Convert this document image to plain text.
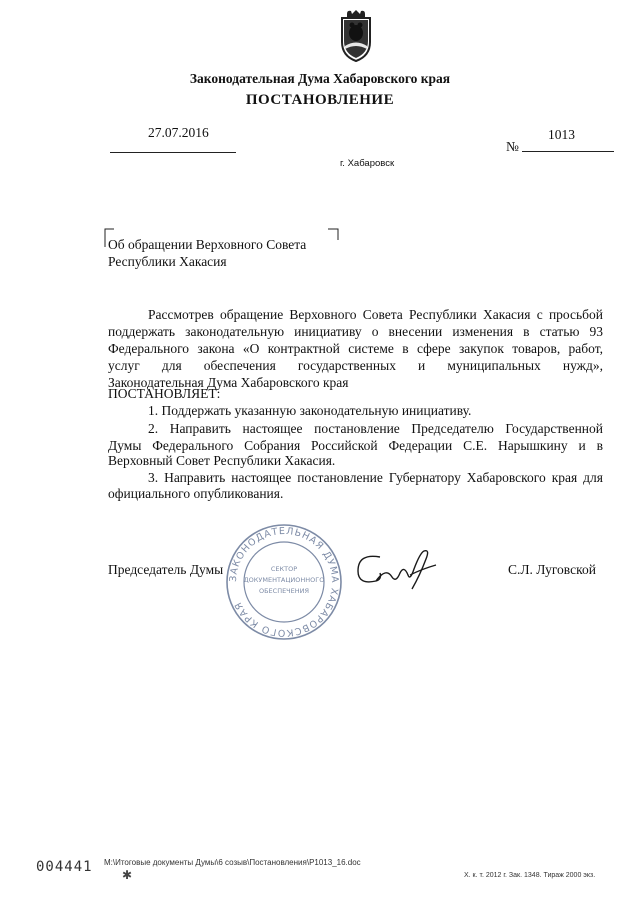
Законодательная Дума Хабаровского края
ПОСТАНОВЛЕНИЕ
27.07.2016	1013
№
г. Хабаровск
Об обращении Верховного Совета
Республики Хакасия
Рассмотрев обращение Верховного Совета Республики Хакасия с просьбой
поддержать законодательную инициативу о внесении изменения в статью 93
Федерального закона «О контрактной системе в сфере закупок товаров, работ,
услуг для обеспечения государственных и муниципальных нужд»,
Законодательная Дума Хабаровского края
ПОСТАНОВЛЯЕТ:
1. Поддержать указанную законодательную инициативу.
2. Направить настоящее постановление Председателю Государственной
Думы Федерального Собрания Российской Федерации С.Е. Нарышкину и в
Верховный Совет Республики Хакасия.
3. Направить настоящее постановление Губернатору Хабаровского края для
официального опубликования.
Председатель Думы	С.Л. Луговской
ЗАКОНОДАТЕЛЬНАЯ ДУМА ХАБАРОВСКОГО КРАЯ
СЕКТОР
ДОКУМЕНТАЦИОННОГО
ОБЕСПЕЧЕНИЯ
004441 ✱
M:\Итоговые документы Думы\6 созыв\Постановления\P1013_16.doc
Х. к. т. 2012 г. Зак. 1348. Тираж 2000 экз.
